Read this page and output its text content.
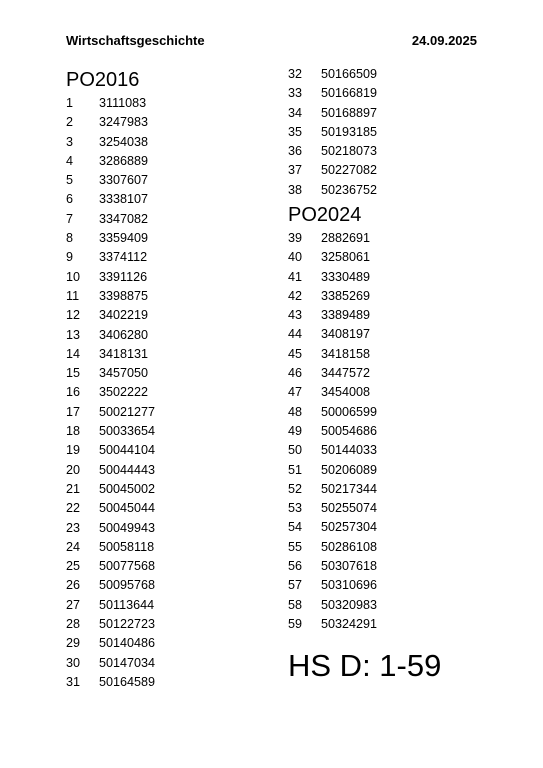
Wirtschaftsgeschichte	24.09.2025
PO2016
1 3111083
2 3247983
3 3254038
4 3286889
5 3307607
6 3338107
7 3347082
8 3359409
9 3374112
10 3391126
11 3398875
12 3402219
13 3406280
14 3418131
15 3457050
16 3502222
17 50021277
18 50033654
19 50044104
20 50044443
21 50045002
22 50045044
23 50049943
24 50058118
25 50077568
26 50095768
27 50113644
28 50122723
29 50140486
30 50147034
31 50164589
32 50166509
33 50166819
34 50168897
35 50193185
36 50218073
37 50227082
38 50236752
PO2024
39 2882691
40 3258061
41 3330489
42 3385269
43 3389489
44 3408197
45 3418158
46 3447572
47 3454008
48 50006599
49 50054686
50 50144033
51 50206089
52 50217344
53 50255074
54 50257304
55 50286108
56 50307618
57 50310696
58 50320983
59 50324291
HS D: 1-59
